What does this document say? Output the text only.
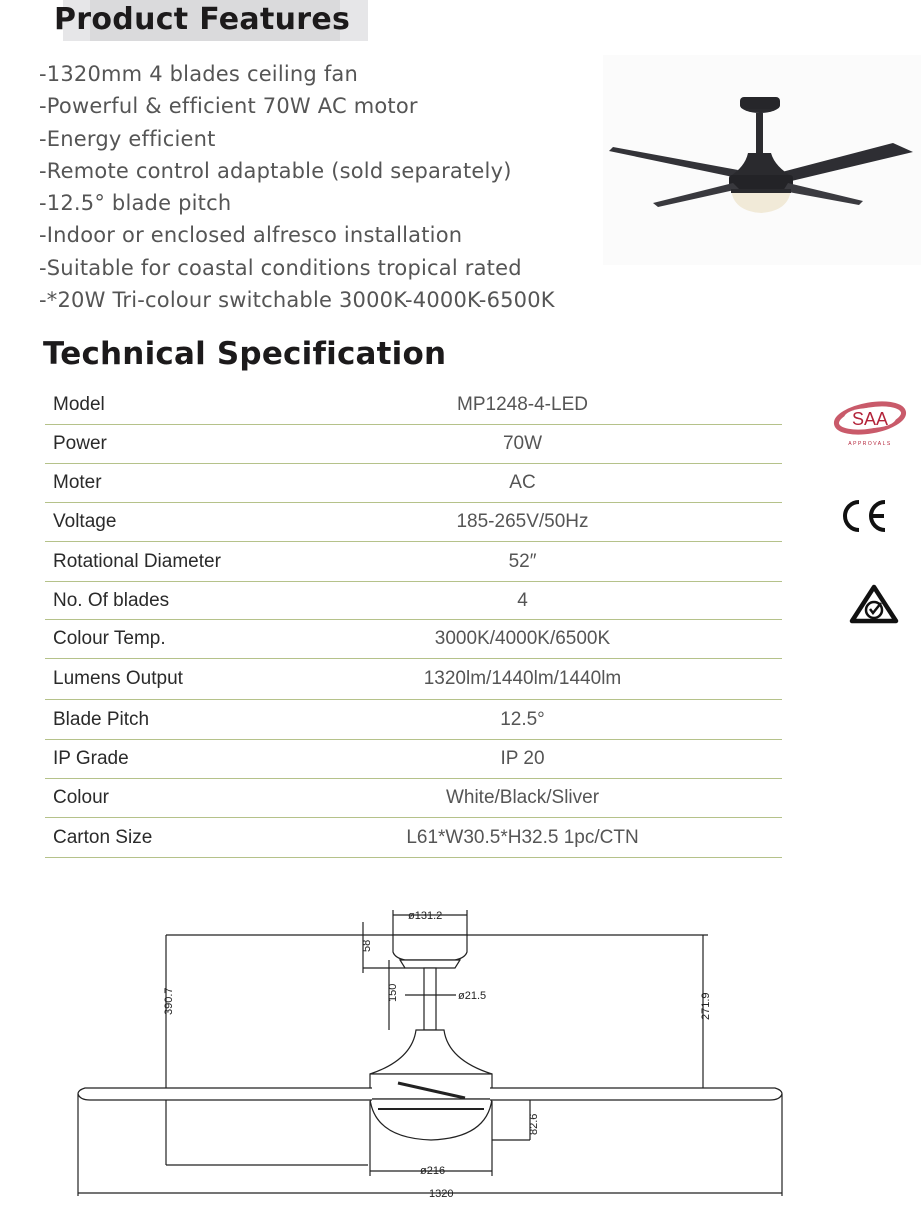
Product Features
-1320mm 4 blades ceiling fan
-Powerful & efficient 70W AC motor
-Energy efficient
-Remote control adaptable (sold separately)
-12.5° blade pitch
-Indoor or enclosed alfresco installation
-Suitable for coastal conditions tropical rated
-*20W Tri-colour switchable 3000K-4000K-6500K
Technical Specification
Model	MP1248-4-LED
Power	70W
Moter	AC
Voltage	185-265V/50Hz
Rotational Diameter	52″
No. Of blades	4
Colour Temp.	3000K/4000K/6500K
Lumens Output	1320lm/1440lm/1440lm
Blade Pitch	12.5°
IP Grade	IP 20
Colour	White/Black/Sliver
Carton Size	L61*W30.5*H32.5 1pc/CTN
SAA
APPROVALS
390.7	271.9
ø131.2
58
ø21.5
150
82.6
ø216
1320
